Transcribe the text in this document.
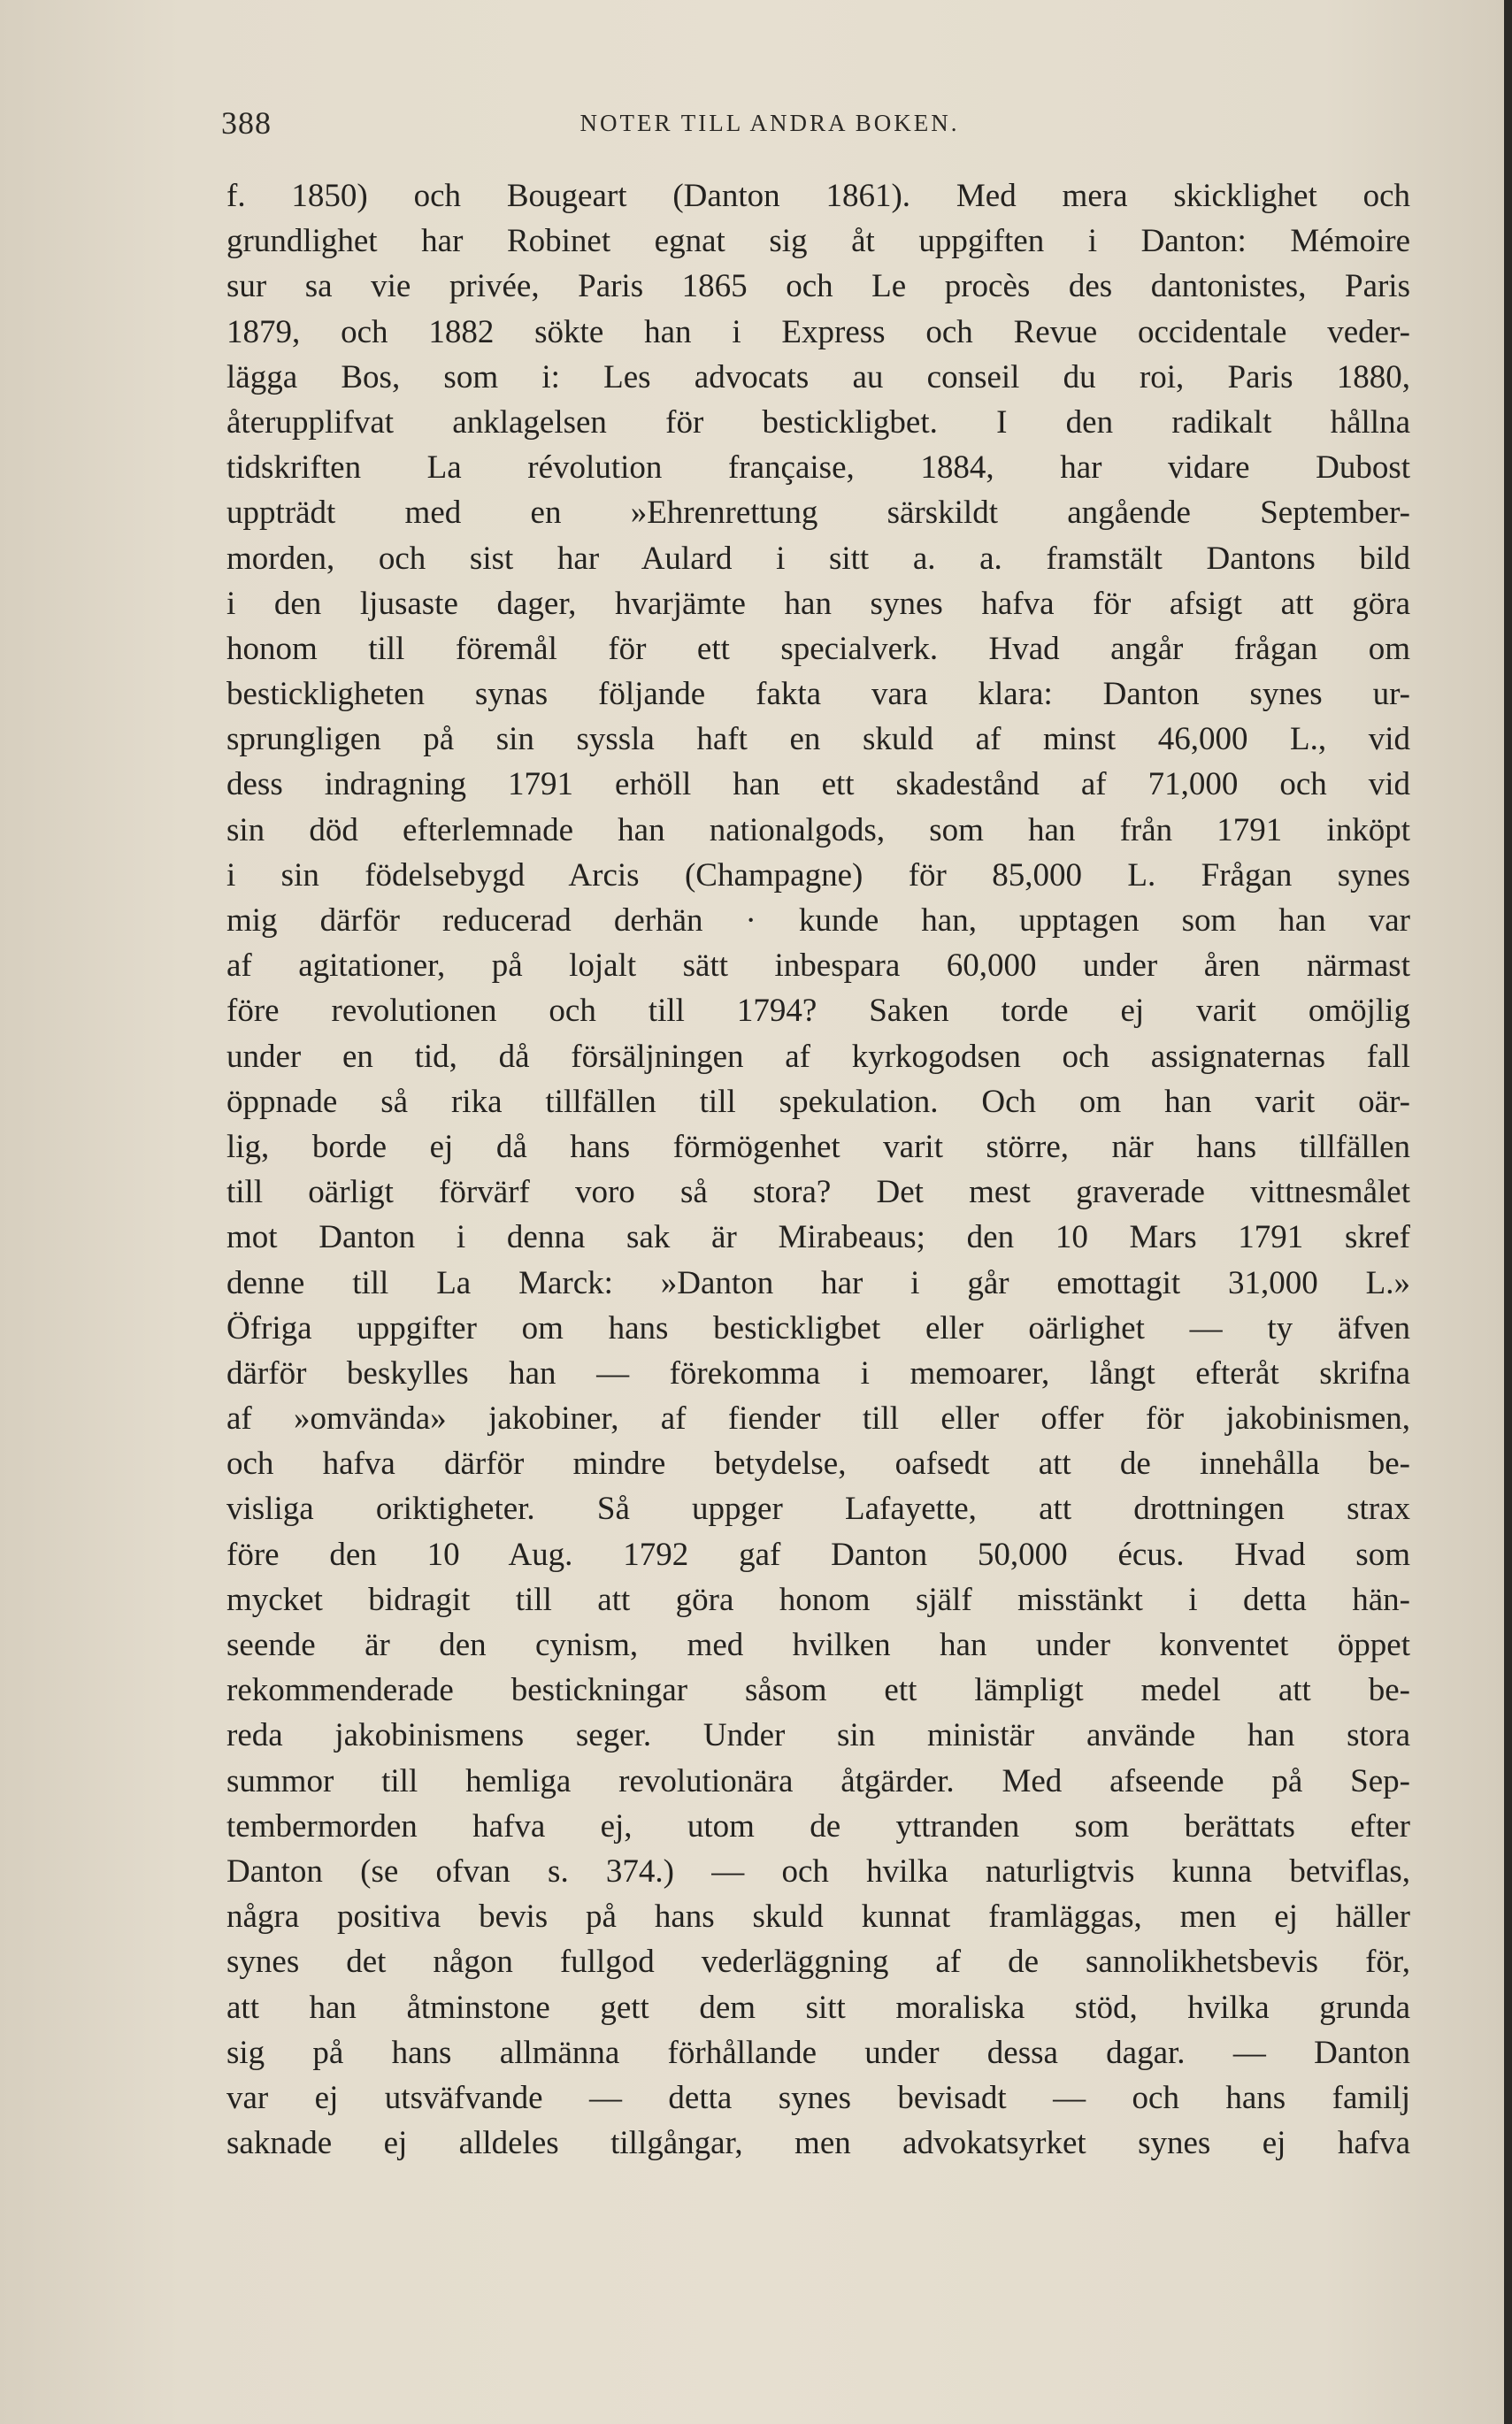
388	NOTER TILL ANDRA BOKEN.
f. 1850) och Bougeart (Danton 1861). Med mera skicklighet och
grundlighet har Robinet egnat sig åt uppgiften i Danton: Mémoire
sur sa vie privée, Paris 1865 och Le procès des dantonistes, Paris
1879, och 1882 sökte han i Express och Revue occidentale veder-
lägga Bos, som i: Les advocats au conseil du roi, Paris 1880,
återupplifvat anklagelsen för bestickligbet. I den radikalt hållna
tidskriften La révolution française, 1884, har vidare Dubost
uppträdt med en »Ehrenrettung särskildt angående September-
morden, och sist har Aulard i sitt a. a. framstält Dantons bild
i den ljusaste dager, hvarjämte han synes hafva för afsigt att göra
honom till föremål för ett specialverk. Hvad angår frågan om
bestickligheten synas följande fakta vara klara: Danton synes ur-
sprungligen på sin syssla haft en skuld af minst 46,000 L., vid
dess indragning 1791 erhöll han ett skadestånd af 71,000 och vid
sin död efterlemnade han nationalgods, som han från 1791 inköpt
i sin födelsebygd Arcis (Champagne) för 85,000 L. Frågan synes
mig därför reducerad derhän · kunde han, upptagen som han var
af agitationer, på lojalt sätt inbespara 60,000 under åren närmast
före revolutionen och till 1794? Saken torde ej varit omöjlig
under en tid, då försäljningen af kyrkogodsen och assignaternas fall
öppnade så rika tillfällen till spekulation. Och om han varit oär-
lig, borde ej då hans förmögenhet varit större, när hans tillfällen
till oärligt förvärf voro så stora? Det mest graverade vittnesmålet
mot Danton i denna sak är Mirabeaus; den 10 Mars 1791 skref
denne till La Marck: »Danton har i går emottagit 31,000 L.»
Öfriga uppgifter om hans bestickligbet eller oärlighet — ty äfven
därför beskylles han — förekomma i memoarer, långt efteråt skrifna
af »omvända» jakobiner, af fiender till eller offer för jakobinismen,
och hafva därför mindre betydelse, oafsedt att de innehålla be-
visliga oriktigheter. Så uppger Lafayette, att drottningen strax
före den 10 Aug. 1792 gaf Danton 50,000 écus. Hvad som
mycket bidragit till att göra honom själf misstänkt i detta hän-
seende är den cynism, med hvilken han under konventet öppet
rekommenderade bestickningar såsom ett lämpligt medel att be-
reda jakobinismens seger. Under sin ministär använde han stora
summor till hemliga revolutionära åtgärder. Med afseende på Sep-
tembermorden hafva ej, utom de yttranden som berättats efter
Danton (se ofvan s. 374.) — och hvilka naturligtvis kunna betviflas,
några positiva bevis på hans skuld kunnat framläggas, men ej häller
synes det någon fullgod vederläggning af de sannolikhetsbevis för,
att han åtminstone gett dem sitt moraliska stöd, hvilka grunda
sig på hans allmänna förhållande under dessa dagar. — Danton
var ej utsväfvande — detta synes bevisadt — och hans familj
saknade ej alldeles tillgångar, men advokatsyrket synes ej hafva
